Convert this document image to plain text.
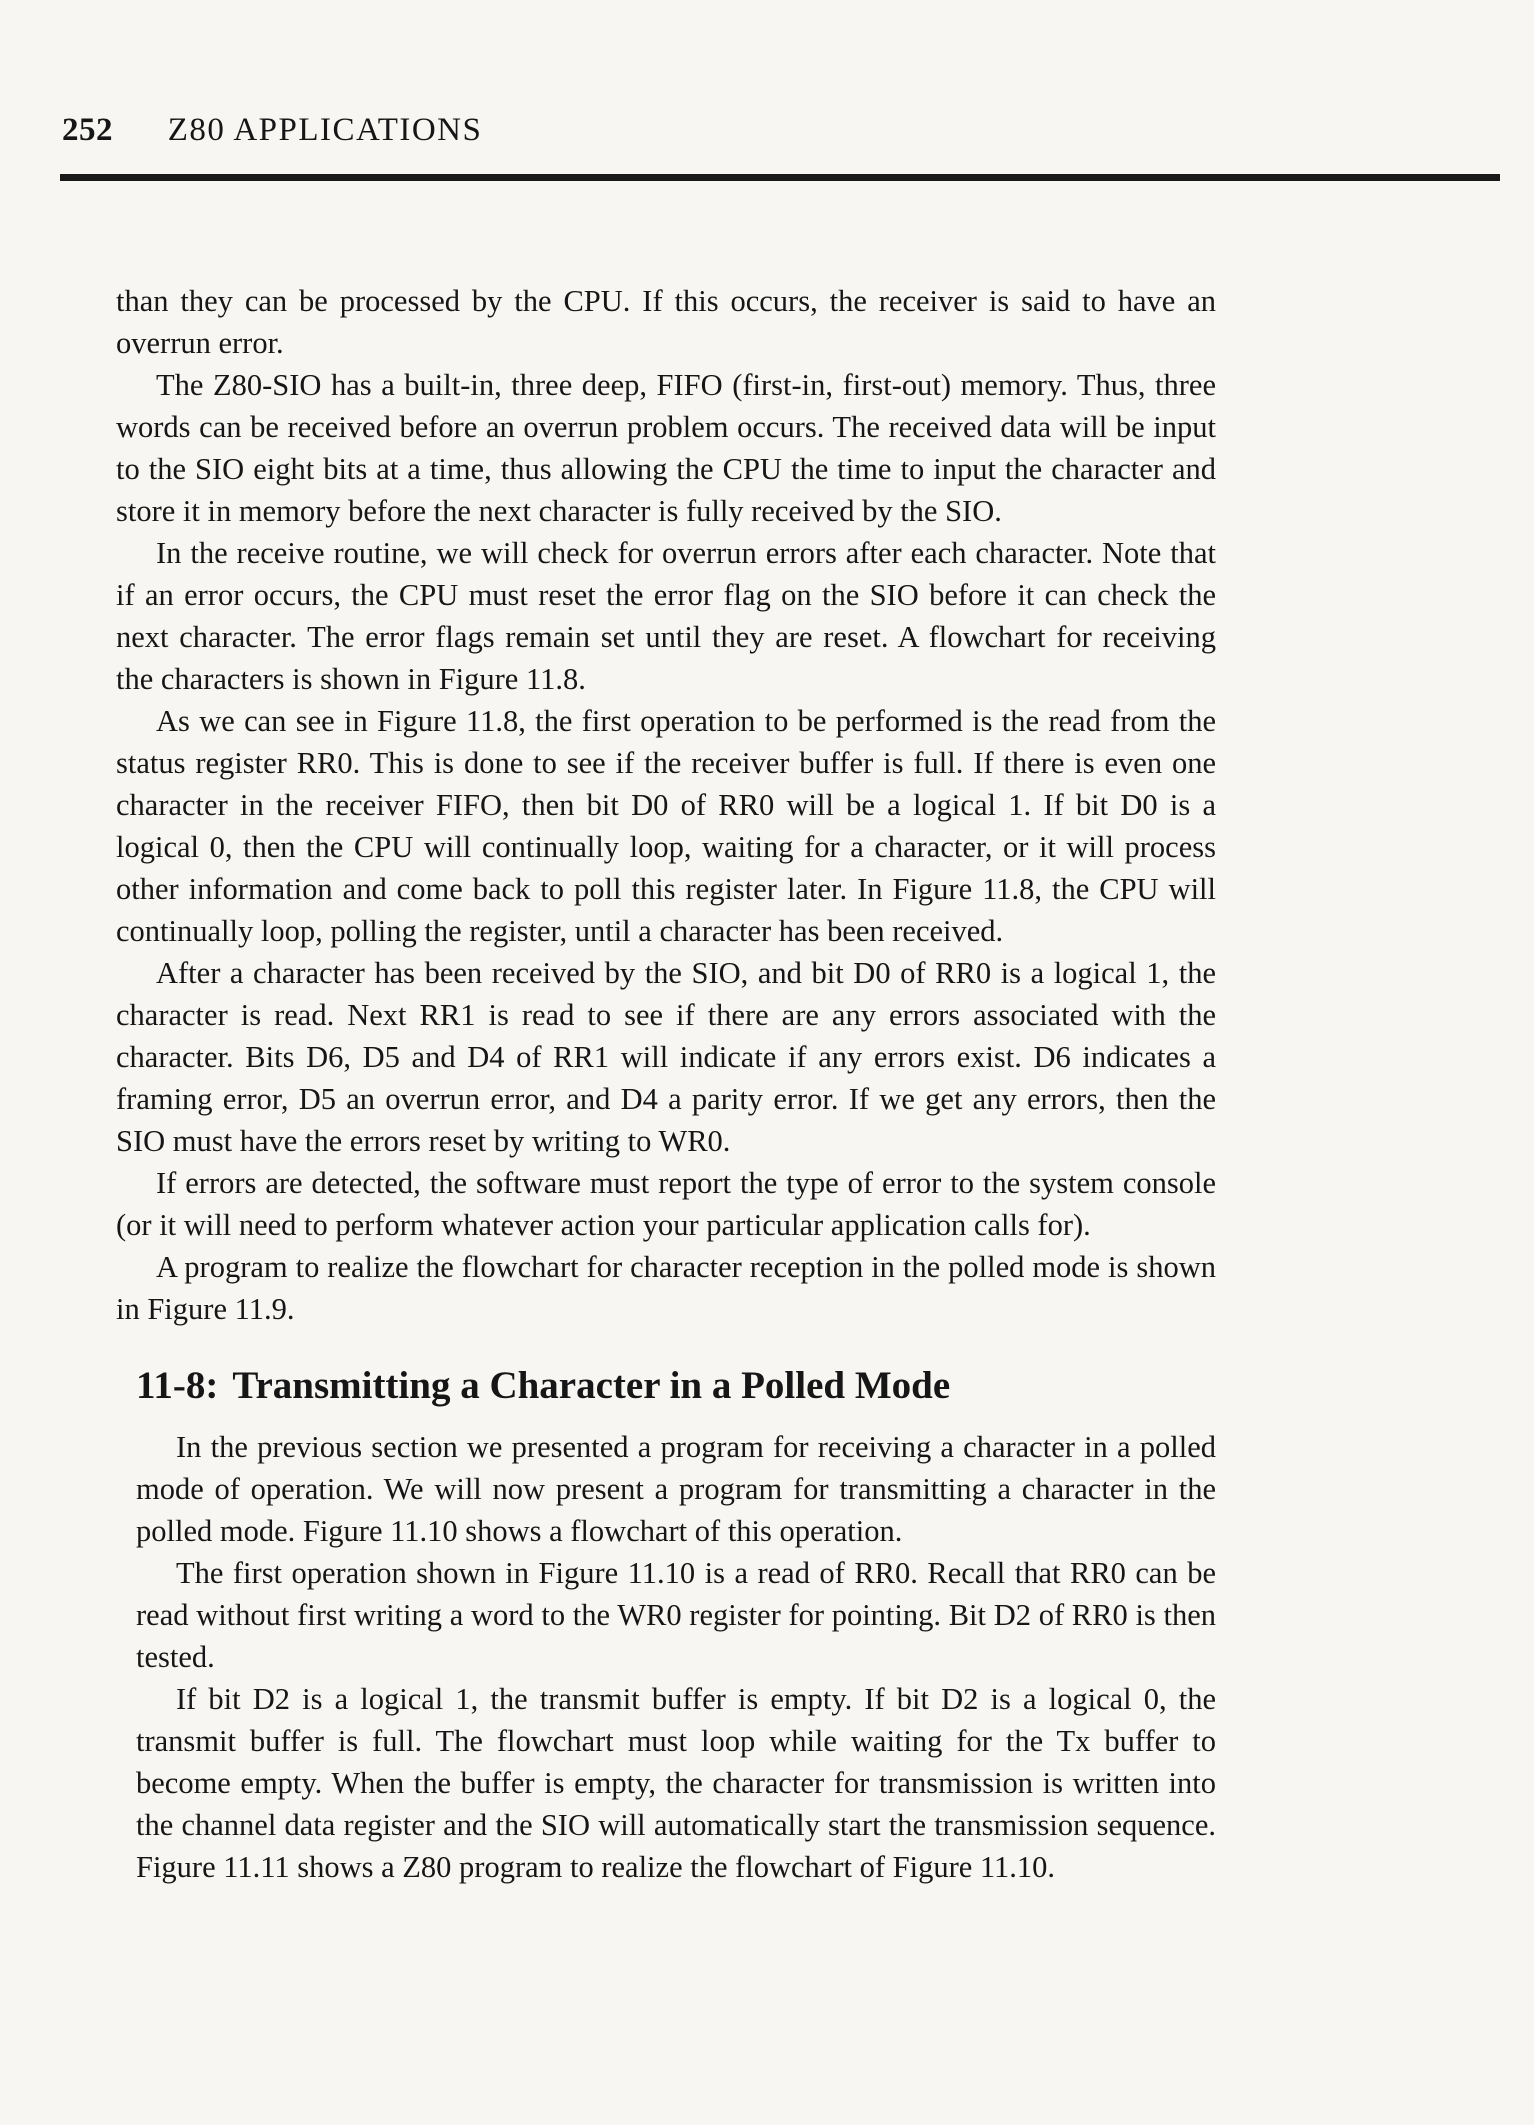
252 Z80 APPLICATIONS

than they can be processed by the CPU. If this occurs, the receiver is said to have an overrun error.

The Z80-SIO has a built-in, three deep, FIFO (first-in, first-out) memory. Thus, three words can be received before an overrun problem occurs. The received data will be input to the SIO eight bits at a time, thus allowing the CPU the time to input the character and store it in memory before the next character is fully received by the SIO.

In the receive routine, we will check for overrun errors after each character. Note that if an error occurs, the CPU must reset the error flag on the SIO before it can check the next character. The error flags remain set until they are reset. A flowchart for receiving the characters is shown in Figure 11.8.

As we can see in Figure 11.8, the first operation to be performed is the read from the status register RR0. This is done to see if the receiver buffer is full. If there is even one character in the receiver FIFO, then bit D0 of RR0 will be a logical 1. If bit D0 is a logical 0, then the CPU will continually loop, waiting for a character, or it will process other information and come back to poll this register later. In Figure 11.8, the CPU will continually loop, polling the register, until a character has been received.

After a character has been received by the SIO, and bit D0 of RR0 is a logical 1, the character is read. Next RR1 is read to see if there are any errors associated with the character. Bits D6, D5 and D4 of RR1 will indicate if any errors exist. D6 indicates a framing error, D5 an overrun error, and D4 a parity error. If we get any errors, then the SIO must have the errors reset by writing to WR0.

If errors are detected, the software must report the type of error to the system console (or it will need to perform whatever action your particular application calls for).

A program to realize the flowchart for character reception in the polled mode is shown in Figure 11.9.

11-8: Transmitting a Character in a Polled Mode

In the previous section we presented a program for receiving a character in a polled mode of operation. We will now present a program for transmitting a character in the polled mode. Figure 11.10 shows a flowchart of this operation.

The first operation shown in Figure 11.10 is a read of RR0. Recall that RR0 can be read without first writing a word to the WR0 register for pointing. Bit D2 of RR0 is then tested.

If bit D2 is a logical 1, the transmit buffer is empty. If bit D2 is a logical 0, the transmit buffer is full. The flowchart must loop while waiting for the Tx buffer to become empty. When the buffer is empty, the character for transmission is written into the channel data register and the SIO will automatically start the transmission sequence. Figure 11.11 shows a Z80 program to realize the flowchart of Figure 11.10.
